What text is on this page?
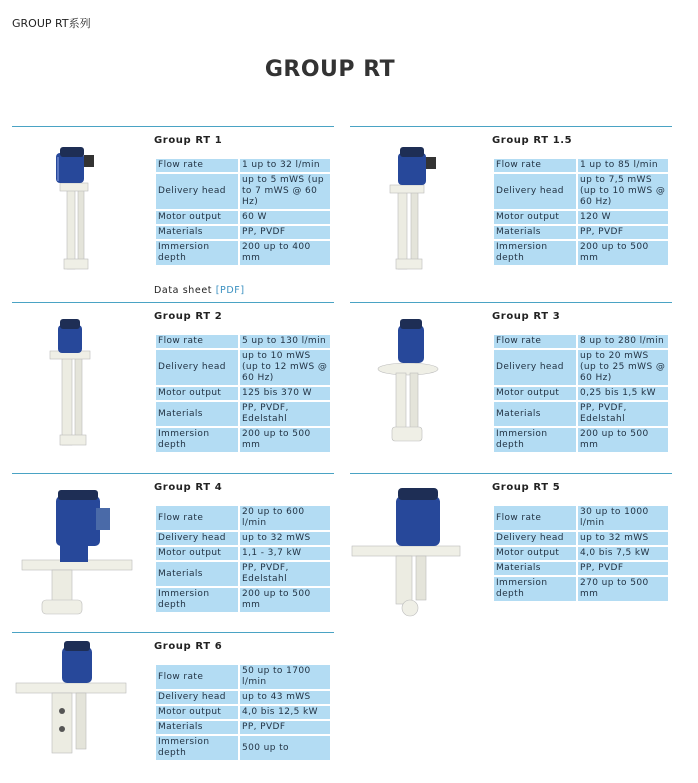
GROUP RT系列
GROUP RT
Group RT 1
Flow rate	1 up to 32 l/min
Delivery head	up to 5 mWS (up to 7 mWS @ 60 Hz)
Motor output	60 W
Materials	PP, PVDF
Immersion depth	200 up to 400 mm
Data sheet [PDF]
Group RT 1.5
Flow rate	1 up to 85 l/min
Delivery head	up to 7,5 mWS (up to 10 mWS @ 60 Hz)
Motor output	120 W
Materials	PP, PVDF
Immersion depth	200 up to 500 mm
Group RT 2
Flow rate	5 up to 130 l/min
Delivery head	up to 10 mWS (up to 12 mWS @ 60 Hz)
Motor output	125 bis 370 W
Materials	PP, PVDF, Edelstahl
Immersion depth	200 up to 500 mm
Group RT 3
Flow rate	8 up to 280 l/min
Delivery head	up to 20 mWS (up to 25 mWS @ 60 Hz)
Motor output	0,25 bis 1,5 kW
Materials	PP, PVDF, Edelstahl
Immersion depth	200 up to 500 mm
Group RT 4
Flow rate	20 up to 600 l/min
Delivery head	up to 32 mWS
Motor output	1,1 - 3,7 kW
Materials	PP, PVDF, Edelstahl
Immersion depth	200 up to 500 mm
Group RT 5
Flow rate	30 up to 1000 l/min
Delivery head	up to 32 mWS
Motor output	4,0 bis 7,5 kW
Materials	PP, PVDF
Immersion depth	270 up to 500 mm
Group RT 6
Flow rate	50 up to 1700 l/min
Delivery head	up to 43 mWS
Motor output	4,0 bis 12,5 kW
Materials	PP, PVDF
Immersion depth	500 up to
